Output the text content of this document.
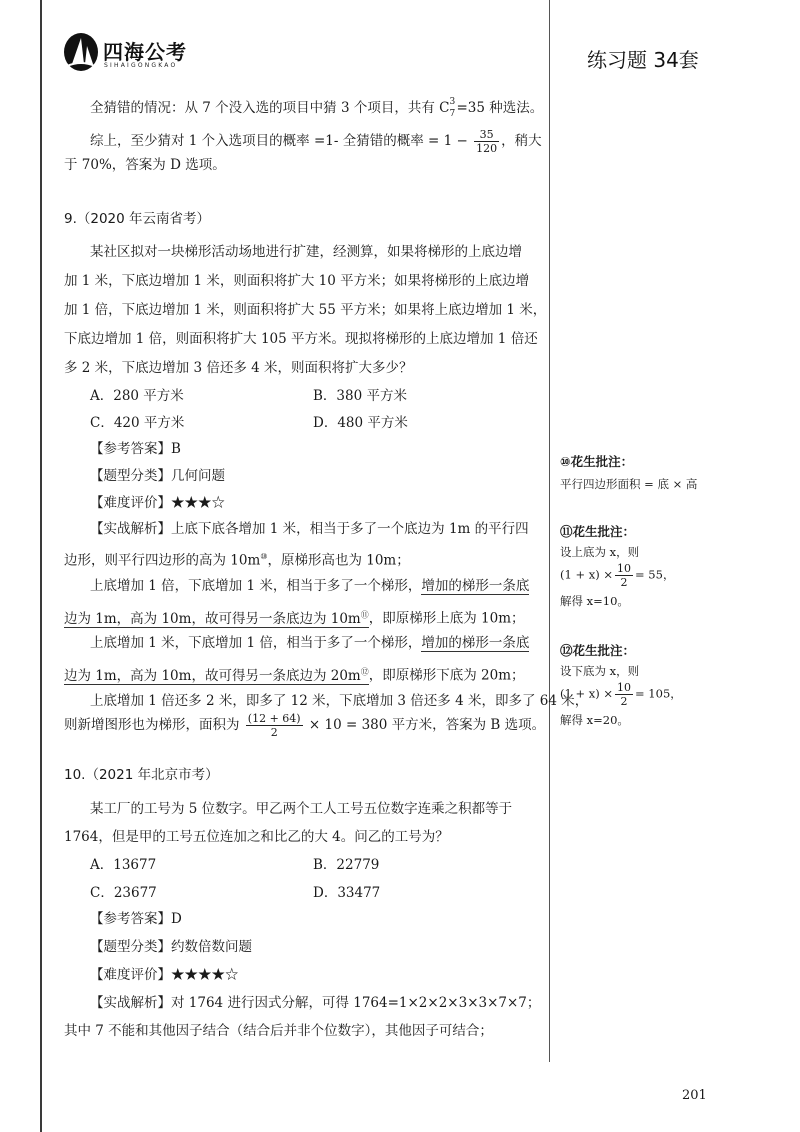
四海公考
SIHAIGONGKAO	练习题 34套
全猜错的情况：从 7 个没入选的项目中猜 3 个项目，共有 C 3
7 =35 种选法。
综上，至少猜对 1 个入选项目的概率 =1- 全猜错的概率 = $1 - \frac{35}{120}$ ，稍大
于 70%，答案为 D 选项。
9.（2020 年云南省考）
某社区拟对一块梯形活动场地进行扩建，经测算，如果将梯形的上底边增
加 1 米，下底边增加 1 米，则面积将扩大 10 平方米；如果将梯形的上底边增
加 1 倍，下底边增加 1 米，则面积将扩大 55 平方米；如果将上底边增加 1 米，
下底边增加 1 倍，则面积将扩大 105 平方米。现拟将梯形的上底边增加 1 倍还
多 2 米，下底边增加 3 倍还多 4 米，则面积将扩大多少？
A．280 平方米	B．380 平方米
C．420 平方米	D．480 平方米
【参考答案】B
【题型分类】几何问题
【难度评价】★★★☆
【实战解析】上底下底各增加 1 米，相当于多了一个底边为 1m 的平行四
边形，则平行四边形的高为 10m⑩，原梯形高也为 10m；
上底增加 1 倍，下底增加 1 米，相当于多了一个梯形，增加的梯形一条底
边为 1m，高为 10m，故可得另一条底边为 10m⑪，即原梯形上底为 10m；
上底增加 1 米，下底增加 1 倍，相当于多了一个梯形，增加的梯形一条底
边为 1m，高为 10m，故可得另一条底边为 20m⑫，即原梯形下底为 20m；
上底增加 1 倍还多 2 米，即多了 12 米，下底增加 3 倍还多 4 米，即多了 64 米，
则新增图形也为梯形，面积为 $\frac{(12 + 64)}{2} \times 10 = 380$ 平方米，答案为 B 选项。
10.（2021 年北京市考）
某工厂的工号为 5 位数字。甲乙两个工人工号五位数字连乘之积都等于
1764，但是甲的工号五位连加之和比乙的大 4。问乙的工号为？
A．13677	B．22779
C．23677	D．33477
【参考答案】D
【题型分类】约数倍数问题
【难度评价】★★★★☆
【实战解析】对 1764 进行因式分解，可得 1764=1×2×2×3×3×7×7；
其中 7 不能和其他因子结合（结合后并非个位数字），其他因子可结合；
⑩花生批注：
平行四边形面积 = 底 × 高
⑪花生批注：
设上底为 x，则
$(1 + x) \times \frac{10}{2} = 55$，
解得 x=10。
⑫花生批注：
设下底为 x，则
$(1 + x) \times \frac{10}{2} = 105$，
解得 x=20。
201
